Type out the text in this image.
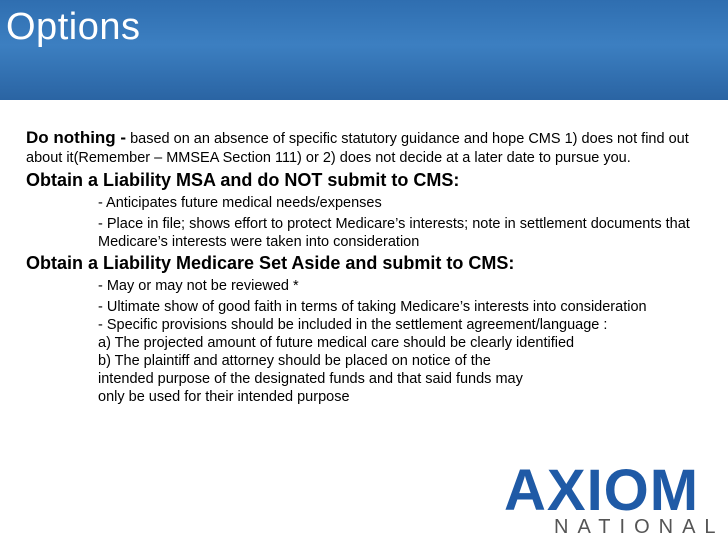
Options

Do nothing - based on an absence of specific statutory guidance and hope CMS 1) does not find out about it(Remember – MMSEA Section 111) or 2) does not decide at a later date to pursue you.

Obtain a Liability MSA and do NOT submit to CMS:
- Anticipates future medical needs/expenses
- Place in file; shows effort to protect Medicare’s interests; note in settlement documents that Medicare’s interests were taken into consideration
Obtain a Liability Medicare Set Aside and submit to CMS:
- May or may not be reviewed *
- Ultimate show of good faith in terms of taking Medicare’s interests into consideration
- Specific provisions should be included in the settlement agreement/language :
a) The projected amount of future medical care should be clearly identified
b) The plaintiff and attorney should be placed on notice of the intended purpose of the designated funds and that said funds may only be used for their intended purpose
AXIOM
NATIONAL
